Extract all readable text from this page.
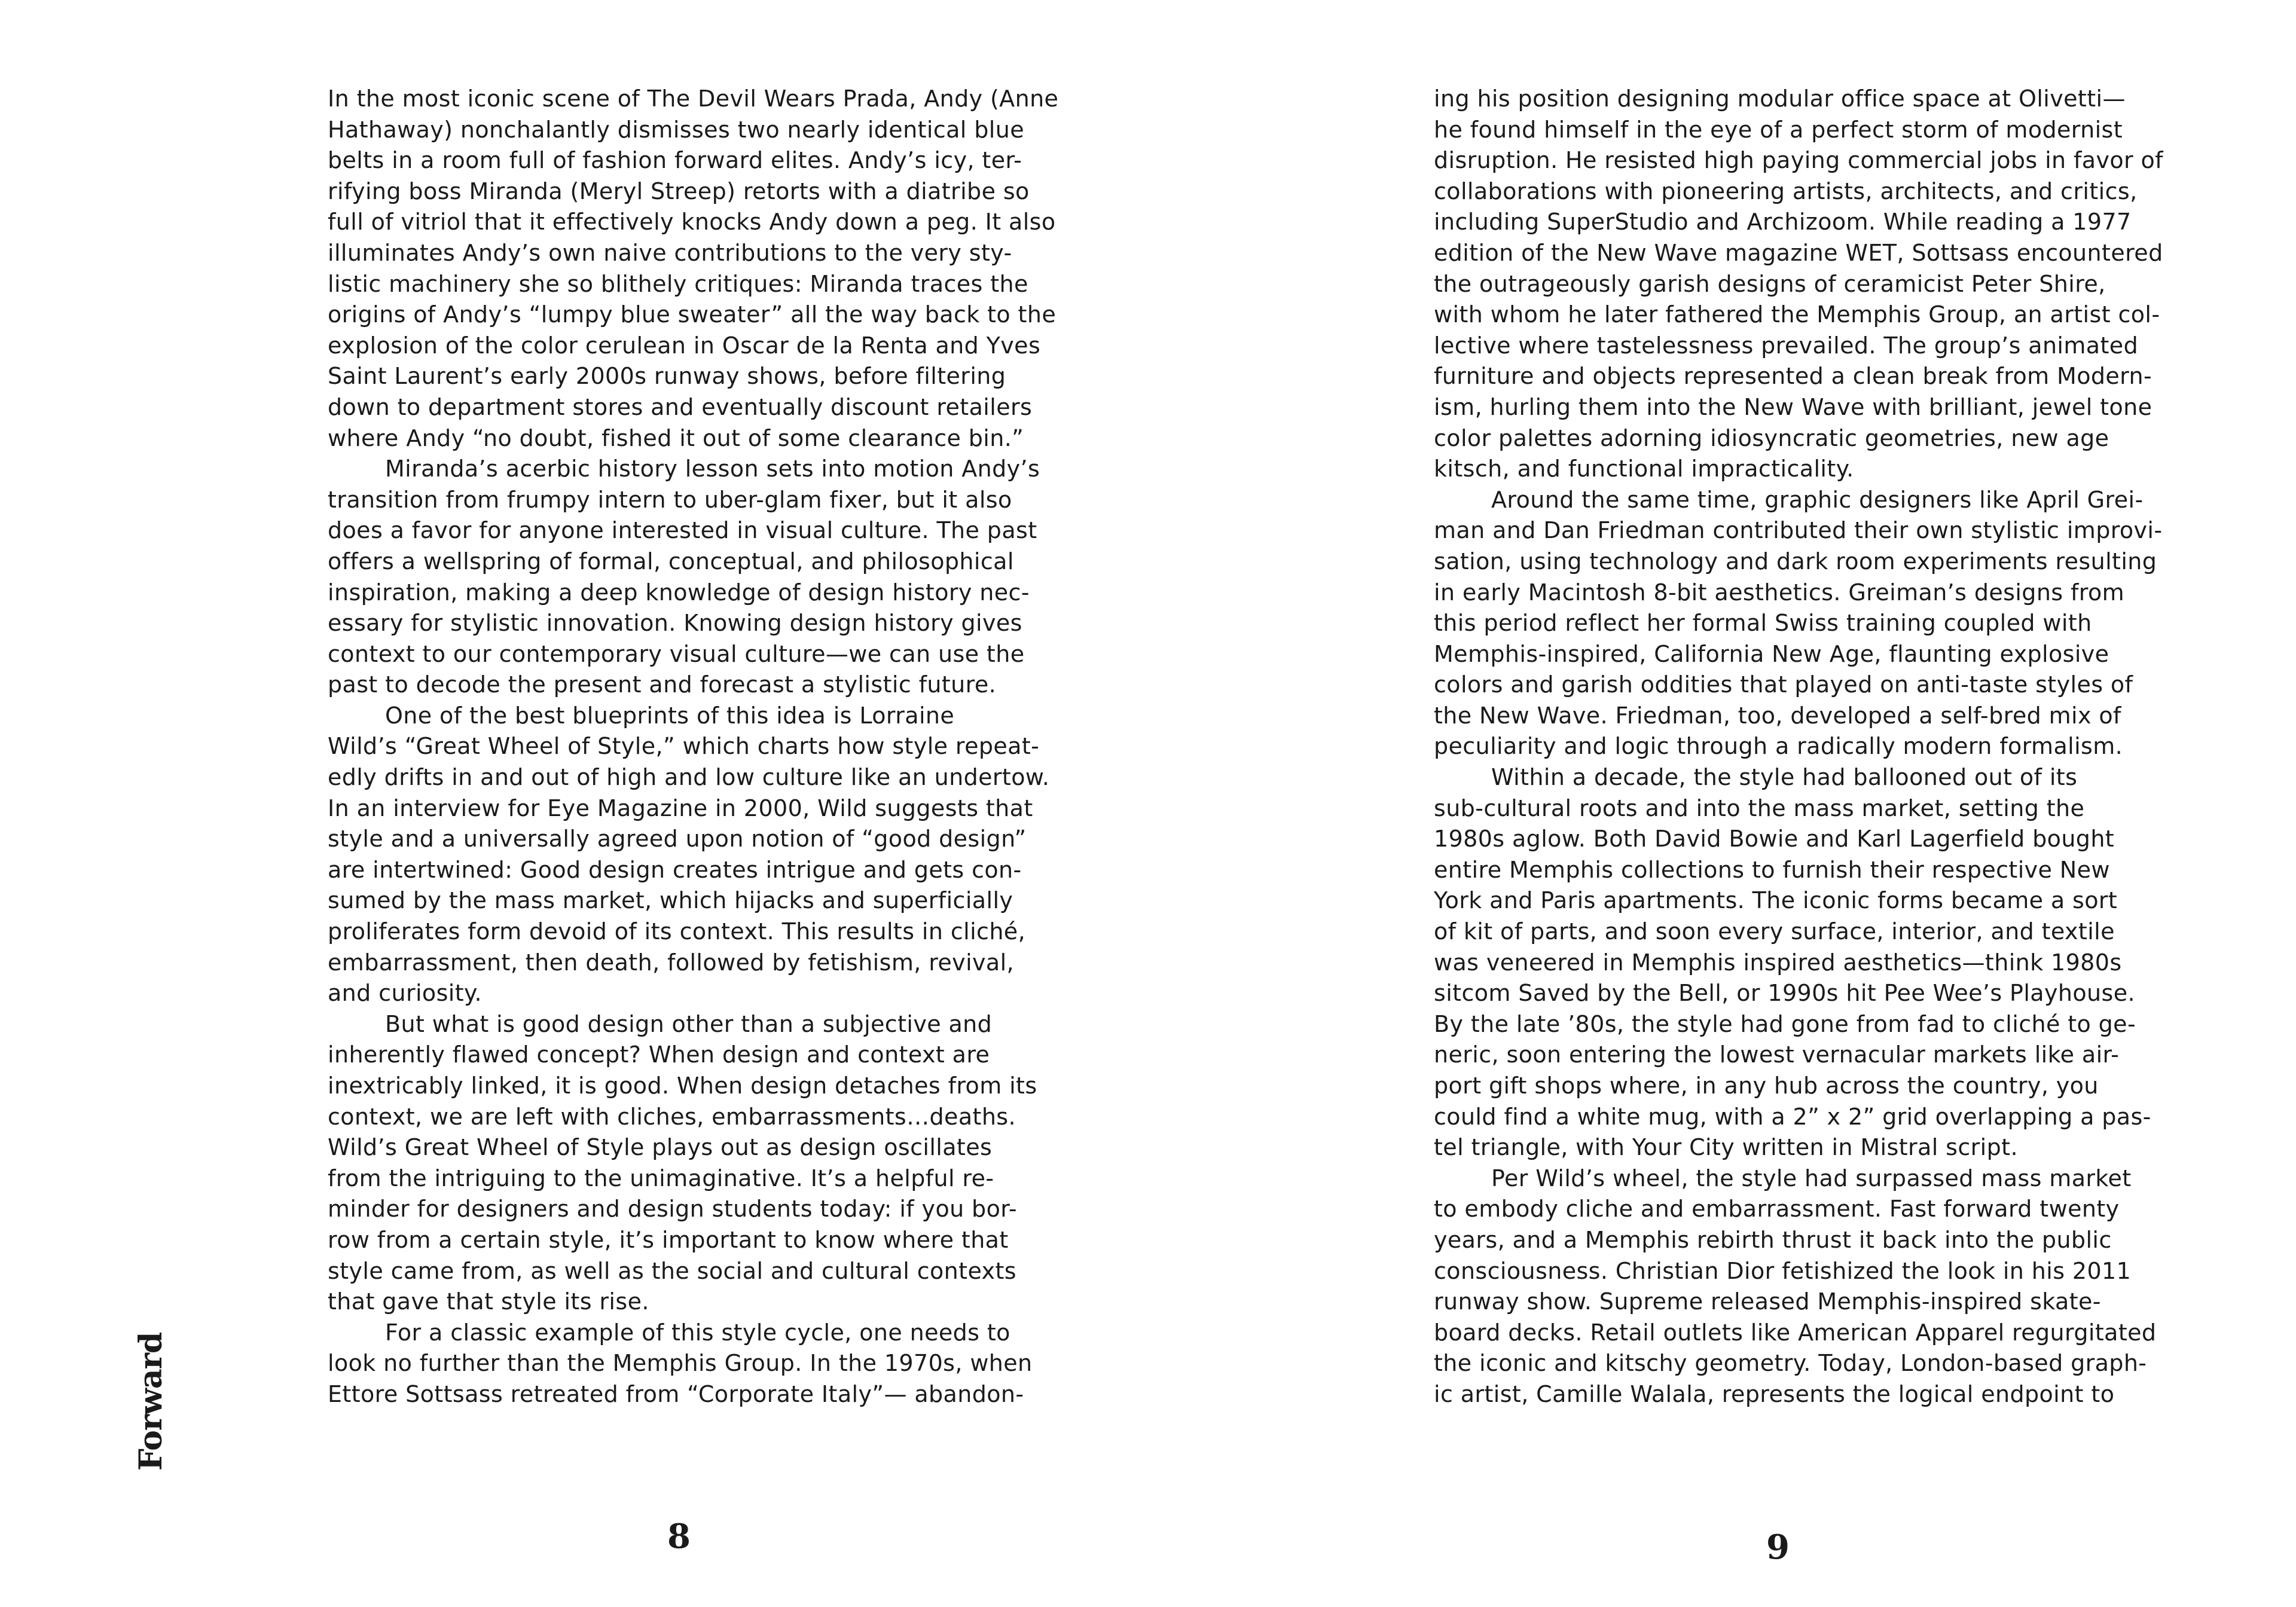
Forward
In the most iconic scene of The Devil Wears Prada, Andy (Anne
Hathaway) nonchalantly dismisses two nearly identical blue
belts in a room full of fashion forward elites. Andy’s icy, ter-
rifying boss Miranda (Meryl Streep) retorts with a diatribe so
full of vitriol that it effectively knocks Andy down a peg. It also
illuminates Andy’s own naive contributions to the very sty-
listic machinery she so blithely critiques: Miranda traces the
origins of Andy’s “lumpy blue sweater” all the way back to the
explosion of the color cerulean in Oscar de la Renta and Yves
Saint Laurent’s early 2000s runway shows, before filtering
down to department stores and eventually discount retailers
where Andy “no doubt, fished it out of some clearance bin.”
Miranda’s acerbic history lesson sets into motion Andy’s
transition from frumpy intern to uber-glam fixer, but it also
does a favor for anyone interested in visual culture. The past
offers a wellspring of formal, conceptual, and philosophical
inspiration, making a deep knowledge of design history nec-
essary for stylistic innovation. Knowing design history gives
context to our contemporary visual culture—we can use the
past to decode the present and forecast a stylistic future.
One of the best blueprints of this idea is Lorraine
Wild’s “Great Wheel of Style,” which charts how style repeat-
edly drifts in and out of high and low culture like an undertow.
In an interview for Eye Magazine in 2000, Wild suggests that
style and a universally agreed upon notion of “good design”
are intertwined: Good design creates intrigue and gets con-
sumed by the mass market, which hijacks and superficially
proliferates form devoid of its context. This results in cliché,
embarrassment, then death, followed by fetishism, revival,
and curiosity.
But what is good design other than a subjective and
inherently flawed concept? When design and context are
inextricably linked, it is good. When design detaches from its
context, we are left with cliches, embarrassments…deaths.
Wild’s Great Wheel of Style plays out as design oscillates
from the intriguing to the unimaginative. It’s a helpful re-
minder for designers and design students today: if you bor-
row from a certain style, it’s important to know where that
style came from, as well as the social and cultural contexts
that gave that style its rise.
For a classic example of this style cycle, one needs to
look no further than the Memphis Group. In the 1970s, when
Ettore Sottsass retreated from “Corporate Italy”— abandon-
ing his position designing modular office space at Olivetti—
he found himself in the eye of a perfect storm of modernist
disruption. He resisted high paying commercial jobs in favor of
collaborations with pioneering artists, architects, and critics,
including SuperStudio and Archizoom. While reading a 1977
edition of the New Wave magazine WET, Sottsass encountered
the outrageously garish designs of ceramicist Peter Shire,
with whom he later fathered the Memphis Group, an artist col-
lective where tastelessness prevailed. The group’s animated
furniture and objects represented a clean break from Modern-
ism, hurling them into the New Wave with brilliant, jewel tone
color palettes adorning idiosyncratic geometries, new age
kitsch, and functional impracticality.
Around the same time, graphic designers like April Grei-
man and Dan Friedman contributed their own stylistic improvi-
sation, using technology and dark room experiments resulting
in early Macintosh 8-bit aesthetics. Greiman’s designs from
this period reflect her formal Swiss training coupled with
Memphis-inspired, California New Age, flaunting explosive
colors and garish oddities that played on anti-taste styles of
the New Wave. Friedman, too, developed a self-bred mix of
peculiarity and logic through a radically modern formalism.
Within a decade, the style had ballooned out of its
sub-cultural roots and into the mass market, setting the
1980s aglow. Both David Bowie and Karl Lagerfield bought
entire Memphis collections to furnish their respective New
York and Paris apartments. The iconic forms became a sort
of kit of parts, and soon every surface, interior, and textile
was veneered in Memphis inspired aesthetics—think 1980s
sitcom Saved by the Bell, or 1990s hit Pee Wee’s Playhouse.
By the late ’80s, the style had gone from fad to cliché to ge-
neric, soon entering the lowest vernacular markets like air-
port gift shops where, in any hub across the country, you
could find a white mug, with a 2” x 2” grid overlapping a pas-
tel triangle, with Your City written in Mistral script.
Per Wild’s wheel, the style had surpassed mass market
to embody cliche and embarrassment. Fast forward twenty
years, and a Memphis rebirth thrust it back into the public
consciousness. Christian Dior fetishized the look in his 2011
runway show. Supreme released Memphis-inspired skate-
board decks. Retail outlets like American Apparel regurgitated
the iconic and kitschy geometry. Today, London-based graph-
ic artist, Camille Walala, represents the logical endpoint to
8	9
